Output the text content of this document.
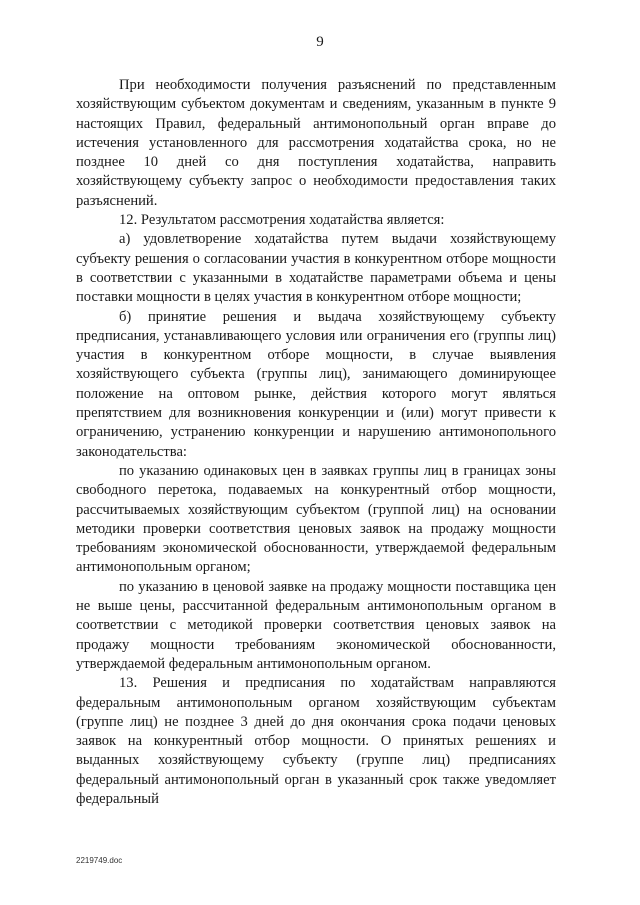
9

При необходимости получения разъяснений по представленным хозяйствующим субъектом документам и сведениям, указанным в пункте 9 настоящих Правил, федеральный антимонопольный орган вправе до истечения установленного для рассмотрения ходатайства срока, но не позднее 10 дней со дня поступления ходатайства, направить хозяйствующему субъекту запрос о необходимости предоставления таких разъяснений.

12. Результатом рассмотрения ходатайства является:

а) удовлетворение ходатайства путем выдачи хозяйствующему субъекту решения о согласовании участия в конкурентном отборе мощности в соответствии с указанными в ходатайстве параметрами объема и цены поставки мощности в целях участия в конкурентном отборе мощности;

б) принятие решения и выдача хозяйствующему субъекту предписания, устанавливающего условия или ограничения его (группы лиц) участия в конкурентном отборе мощности, в случае выявления хозяйствующего субъекта (группы лиц), занимающего доминирующее положение на оптовом рынке, действия которого могут являться препятствием для возникновения конкуренции и (или) могут привести к ограничению, устранению конкуренции и нарушению антимонопольного законодательства:

по указанию одинаковых цен в заявках группы лиц в границах зоны свободного перетока, подаваемых на конкурентный отбор мощности, рассчитываемых хозяйствующим субъектом (группой лиц) на основании методики проверки соответствия ценовых заявок на продажу мощности требованиям экономической обоснованности, утверждаемой федеральным антимонопольным органом;

по указанию в ценовой заявке на продажу мощности поставщика цен не выше цены, рассчитанной федеральным антимонопольным органом в соответствии с методикой проверки соответствия ценовых заявок на продажу мощности требованиям экономической обоснованности, утверждаемой федеральным антимонопольным органом.

13. Решения и предписания по ходатайствам направляются федеральным антимонопольным органом хозяйствующим субъектам (группе лиц) не позднее 3 дней до дня окончания срока подачи ценовых заявок на конкурентный отбор мощности. О принятых решениях и выданных хозяйствующему субъекту (группе лиц) предписаниях федеральный антимонопольный орган в указанный срок также уведомляет федеральный

2219749.doc
